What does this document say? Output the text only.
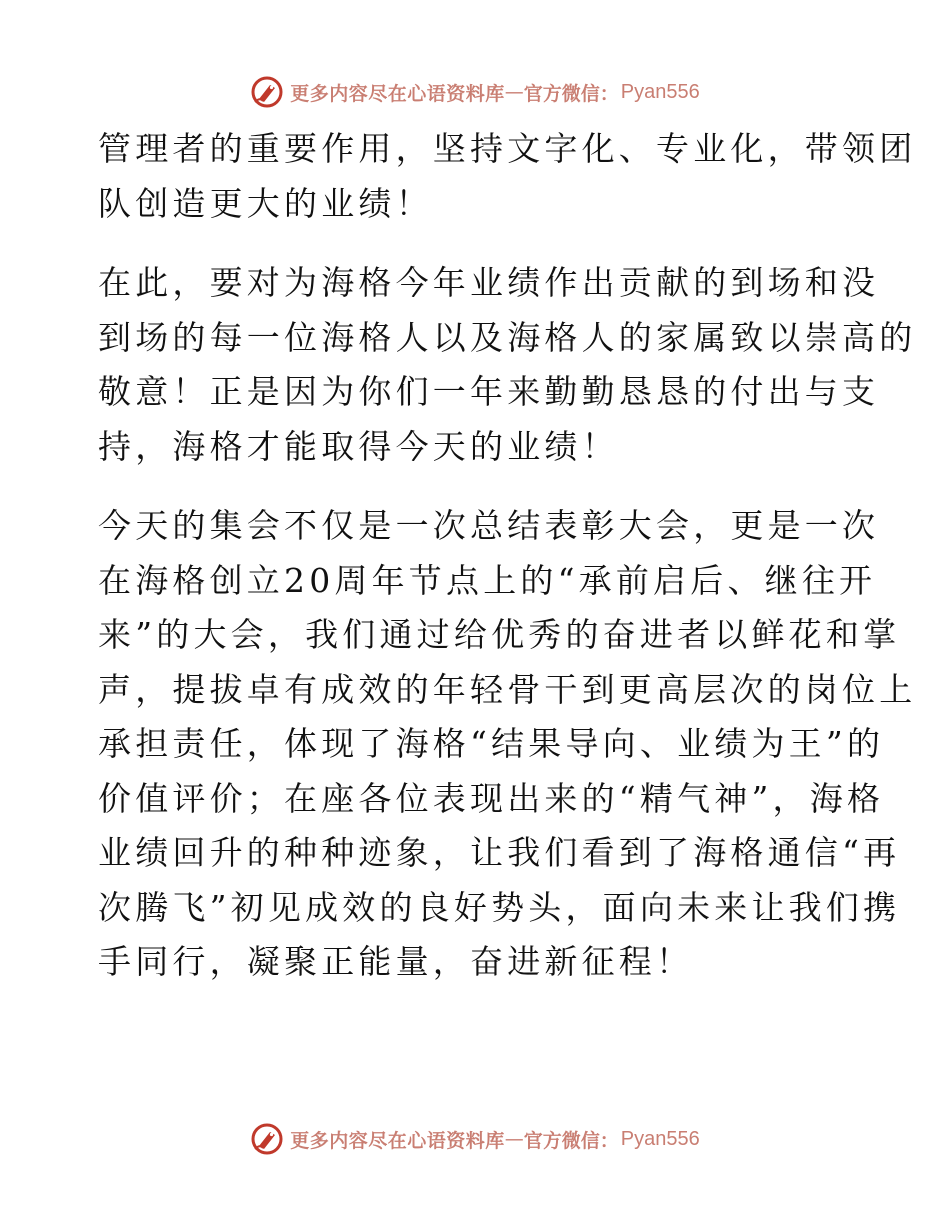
更多内容尽在心语资料库 — 官方微信： Pyan556

管理者的重要作用，坚持文字化、专业化，带领团
队创造更大的业绩！

在此，要对为海格今年业绩作出贡献的到场和没
到场的每一位海格人以及海格人的家属致以崇高的
敬意！正是因为你们一年来勤勤恳恳的付出与支
持，海格才能取得今天的业绩！

今天的集会不仅是一次总结表彰大会，更是一次
在海格创立20周年节点上的“承前启后、继往开
来”的大会，我们通过给优秀的奋进者以鲜花和掌
声，提拔卓有成效的年轻骨干到更高层次的岗位上
承担责任，体现了海格“结果导向、业绩为王”的
价值评价；在座各位表现出来的“精气神”，海格
业绩回升的种种迹象，让我们看到了海格通信“再
次腾飞”初见成效的良好势头，面向未来让我们携
手同行，凝聚正能量，奋进新征程！

更多内容尽在心语资料库 — 官方微信： Pyan556
